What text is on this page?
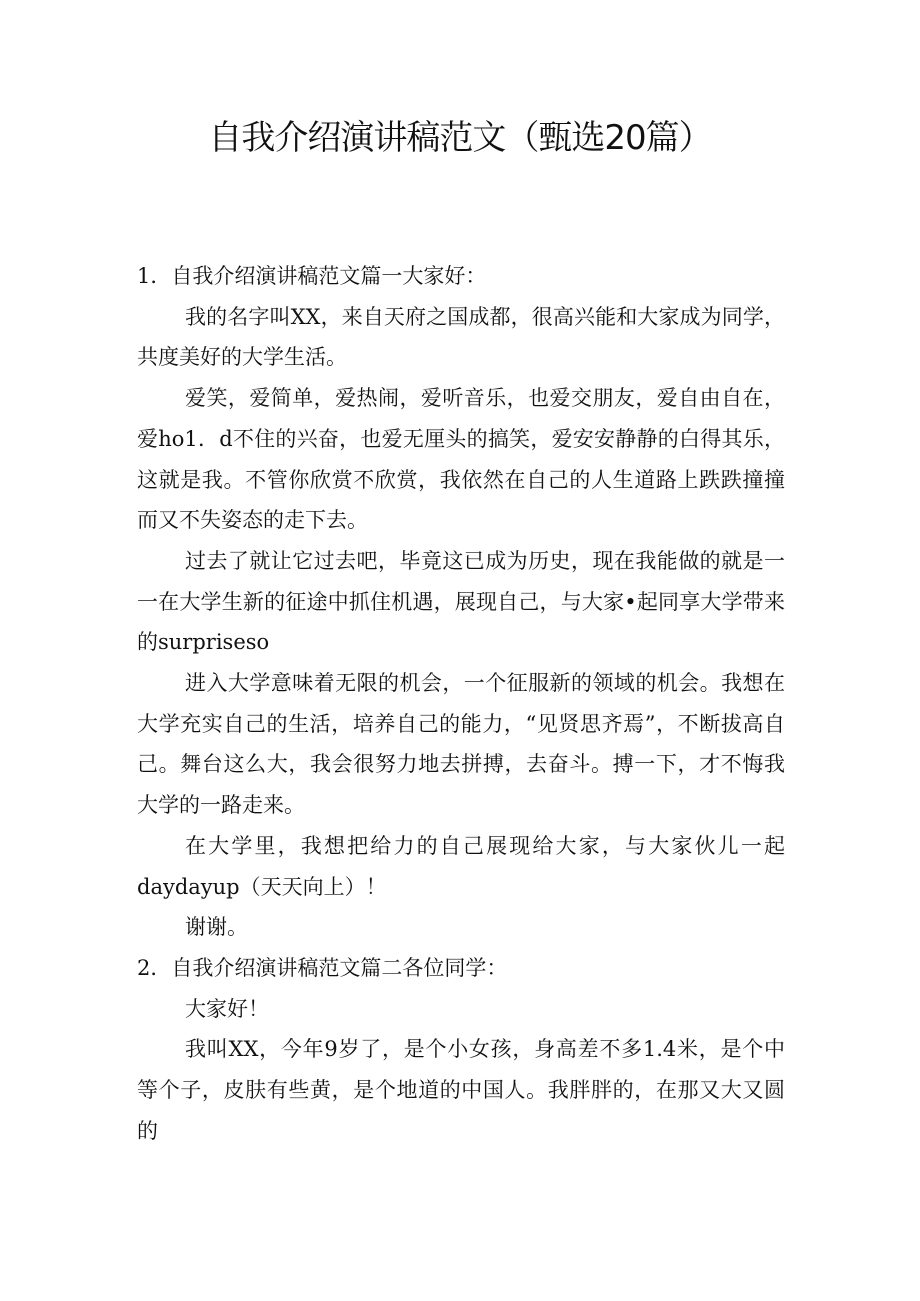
自我介绍演讲稿范文（甄选20篇）

1．自我介绍演讲稿范文篇一大家好：

我的名字叫XX，来自天府之国成都，很高兴能和大家成为同学，共度美好的大学生活。

爱笑，爱简单，爱热闹，爱听音乐，也爱交朋友，爱自由自在，爱ho1．d不住的兴奋，也爱无厘头的搞笑，爱安安静静的白得其乐，这就是我。不管你欣赏不欣赏，我依然在自己的人生道路上跌跌撞撞而又不失姿态的走下去。

过去了就让它过去吧，毕竟这已成为历史，现在我能做的就是一一在大学生新的征途中抓住机遇，展现自己，与大家•起同享大学带来的surpriseso

进入大学意味着无限的机会，一个征服新的领域的机会。我想在大学充实自己的生活，培养自己的能力，“见贤思齐焉”，不断拔高自己。舞台这么大，我会很努力地去拼搏，去奋斗。搏一下，才不悔我大学的一路走来。

在大学里，我想把给力的自己展现给大家，与大家伙儿一起daydayup（天天向上）！

谢谢。

2．自我介绍演讲稿范文篇二各位同学：

大家好！

我叫XX，今年9岁了，是个小女孩，身高差不多1.4米，是个中等个子，皮肤有些黄，是个地道的中国人。我胖胖的，在那又大又圆的
